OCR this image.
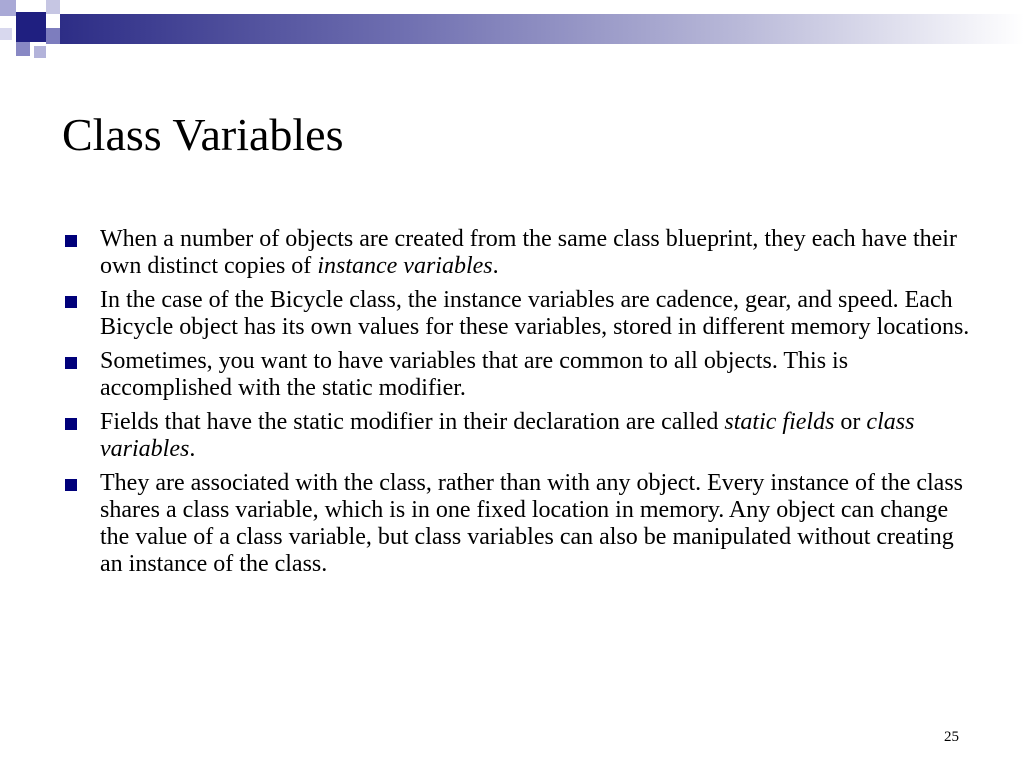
Class Variables
When a number of objects are created from the same class blueprint, they each have their own distinct copies of instance variables.
In the case of the Bicycle class, the instance variables are cadence, gear, and speed. Each Bicycle object has its own values for these variables, stored in different memory locations.
Sometimes, you want to have variables that are common to all objects. This is accomplished with the static modifier.
Fields that have the static modifier in their declaration are called static fields or class variables.
They are associated with the class, rather than with any object. Every instance of the class shares a class variable, which is in one fixed location in memory. Any object can change the value of a class variable, but class variables can also be manipulated without creating an instance of the class.
25
